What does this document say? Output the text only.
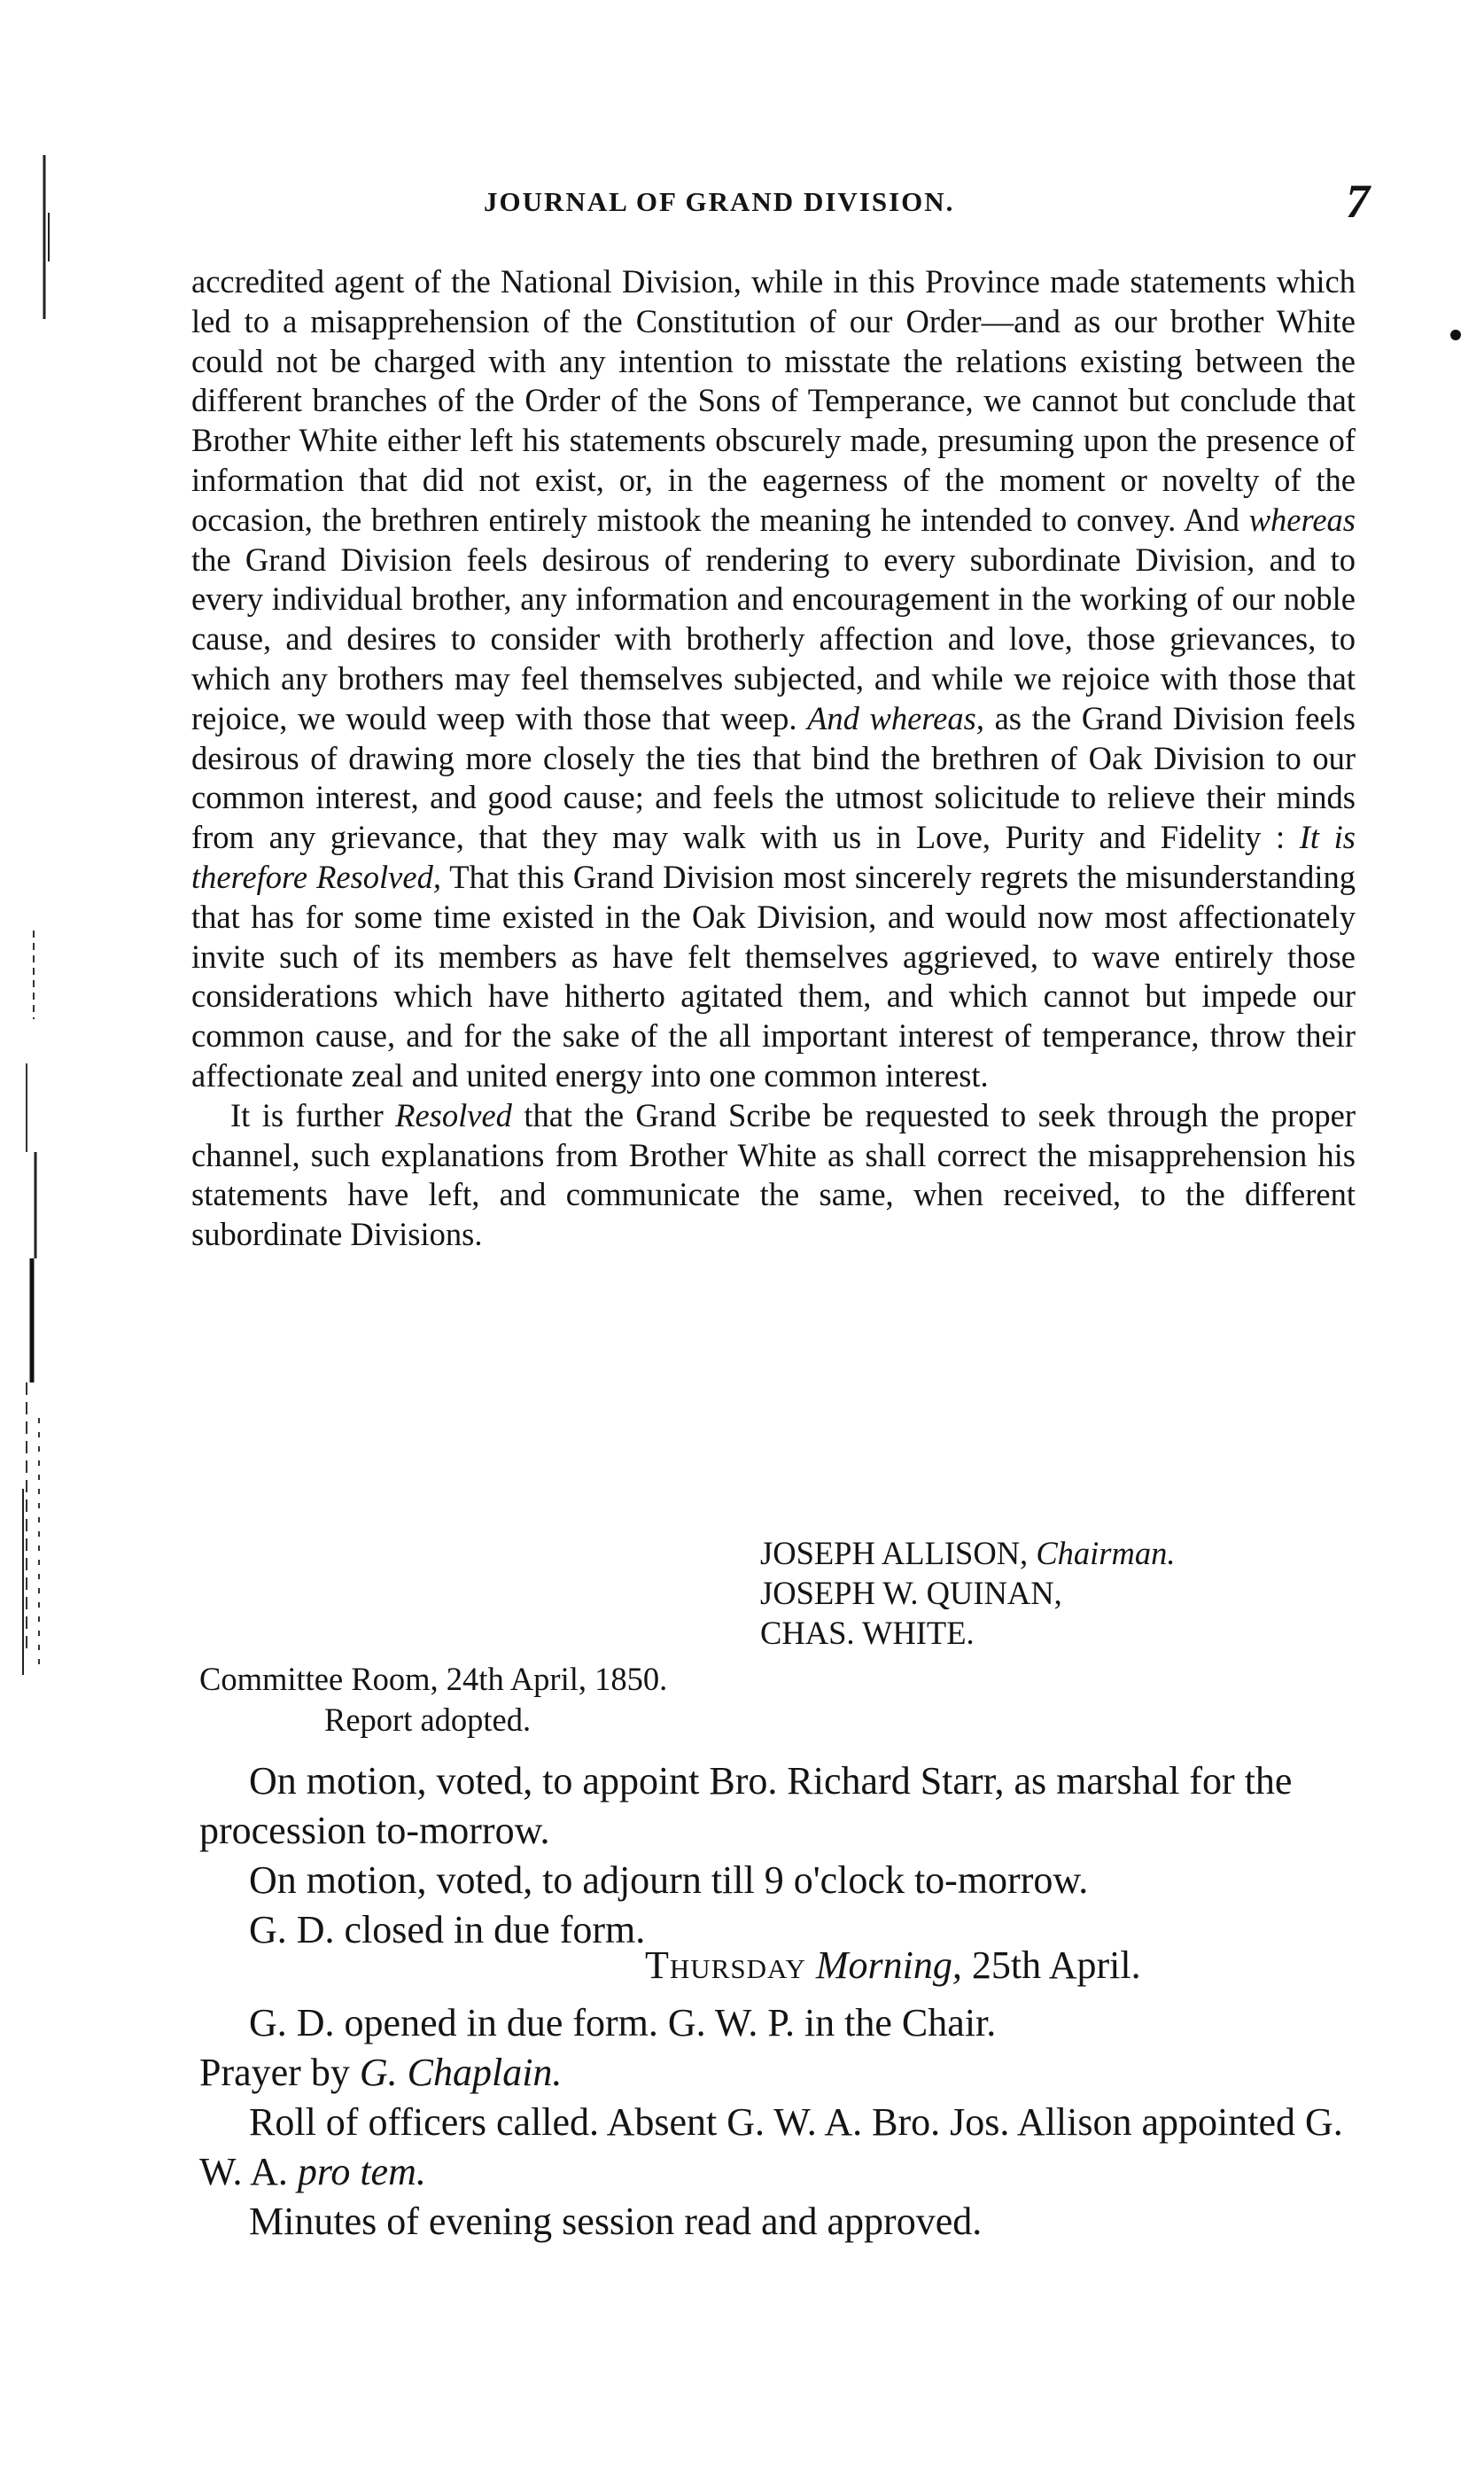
JOURNAL OF GRAND DIVISION.	7

accredited agent of the National Division, while in this Province made statements which led to a misapprehension of the Constitution of our Order—and as our brother White could not be charged with any intention to misstate the relations existing between the different branches of the Order of the Sons of Temperance, we cannot but conclude that Brother White either left his statements obscurely made, presuming upon the presence of information that did not exist, or, in the eagerness of the moment or novelty of the occasion, the brethren entirely mistook the meaning he intended to convey. And whereas the Grand Division feels desirous of rendering to every subordinate Division, and to every individual brother, any information and encouragement in the working of our noble cause, and desires to consider with brotherly affection and love, those grievances, to which any brothers may feel themselves subjected, and while we rejoice with those that rejoice, we would weep with those that weep. And whereas, as the Grand Division feels desirous of drawing more closely the ties that bind the brethren of Oak Division to our common interest, and good cause; and feels the utmost solicitude to relieve their minds from any grievance, that they may walk with us in Love, Purity and Fidelity : It is therefore Resolved, That this Grand Division most sincerely regrets the misunderstanding that has for some time existed in the Oak Division, and would now most affectionately invite such of its members as have felt themselves aggrieved, to wave entirely those considerations which have hitherto agitated them, and which cannot but impede our common cause, and for the sake of the all important interest of temperance, throw their affectionate zeal and united energy into one common interest.

It is further Resolved that the Grand Scribe be requested to seek through the proper channel, such explanations from Brother White as shall correct the misapprehension his statements have left, and communicate the same, when received, to the different subordinate Divisions.

JOSEPH ALLISON, Chairman.
JOSEPH W. QUINAN,
CHAS. WHITE.
Committee Room, 24th April, 1850.
Report adopted.

On motion, voted, to appoint Bro. Richard Starr, as marshal for the procession to-morrow.

On motion, voted, to adjourn till 9 o'clock to-morrow.

G. D. closed in due form.

Thursday Morning, 25th April.

G. D. opened in due form. G. W. P. in the Chair.

Prayer by G. Chaplain.

Roll of officers called. Absent G. W. A. Bro. Jos. Allison appointed G. W. A. pro tem.

Minutes of evening session read and approved.
